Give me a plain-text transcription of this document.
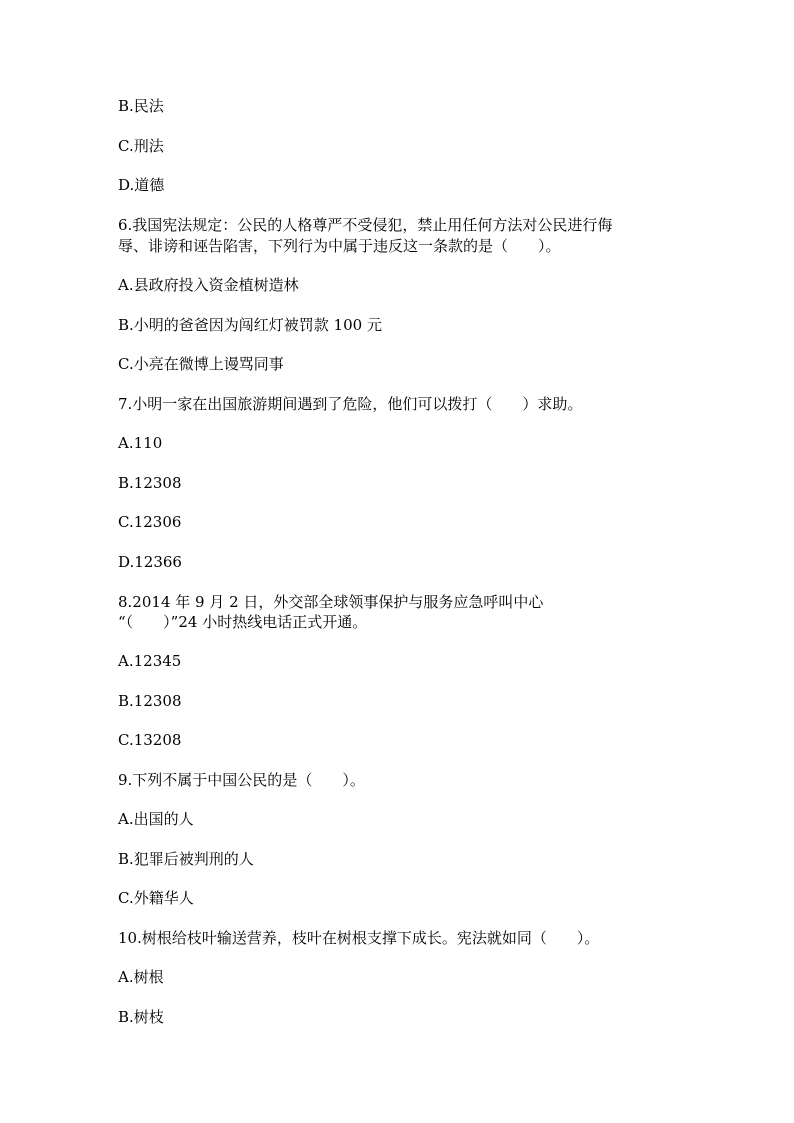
B.民法
C.刑法
D.道德
6.我国宪法规定：公民的人格尊严不受侵犯，禁止用任何方法对公民进行侮
辱、诽谤和诬告陷害，下列行为中属于违反这一条款的是（　　）。
A.县政府投入资金植树造林
B.小明的爸爸因为闯红灯被罚款 100 元
C.小亮在微博上谩骂同事
7.小明一家在出国旅游期间遇到了危险，他们可以拨打（　　）求助。
A.110
B.12308
C.12306
D.12366
8.2014 年 9 月 2 日，外交部全球领事保护与服务应急呼叫中心
“（　　）”24 小时热线电话正式开通。
A.12345
B.12308
C.13208
9.下列不属于中国公民的是（　　）。
A.出国的人
B.犯罪后被判刑的人
C.外籍华人
10.树根给枝叶输送营养，枝叶在树根支撑下成长。宪法就如同（　　）。
A.树根
B.树枝
